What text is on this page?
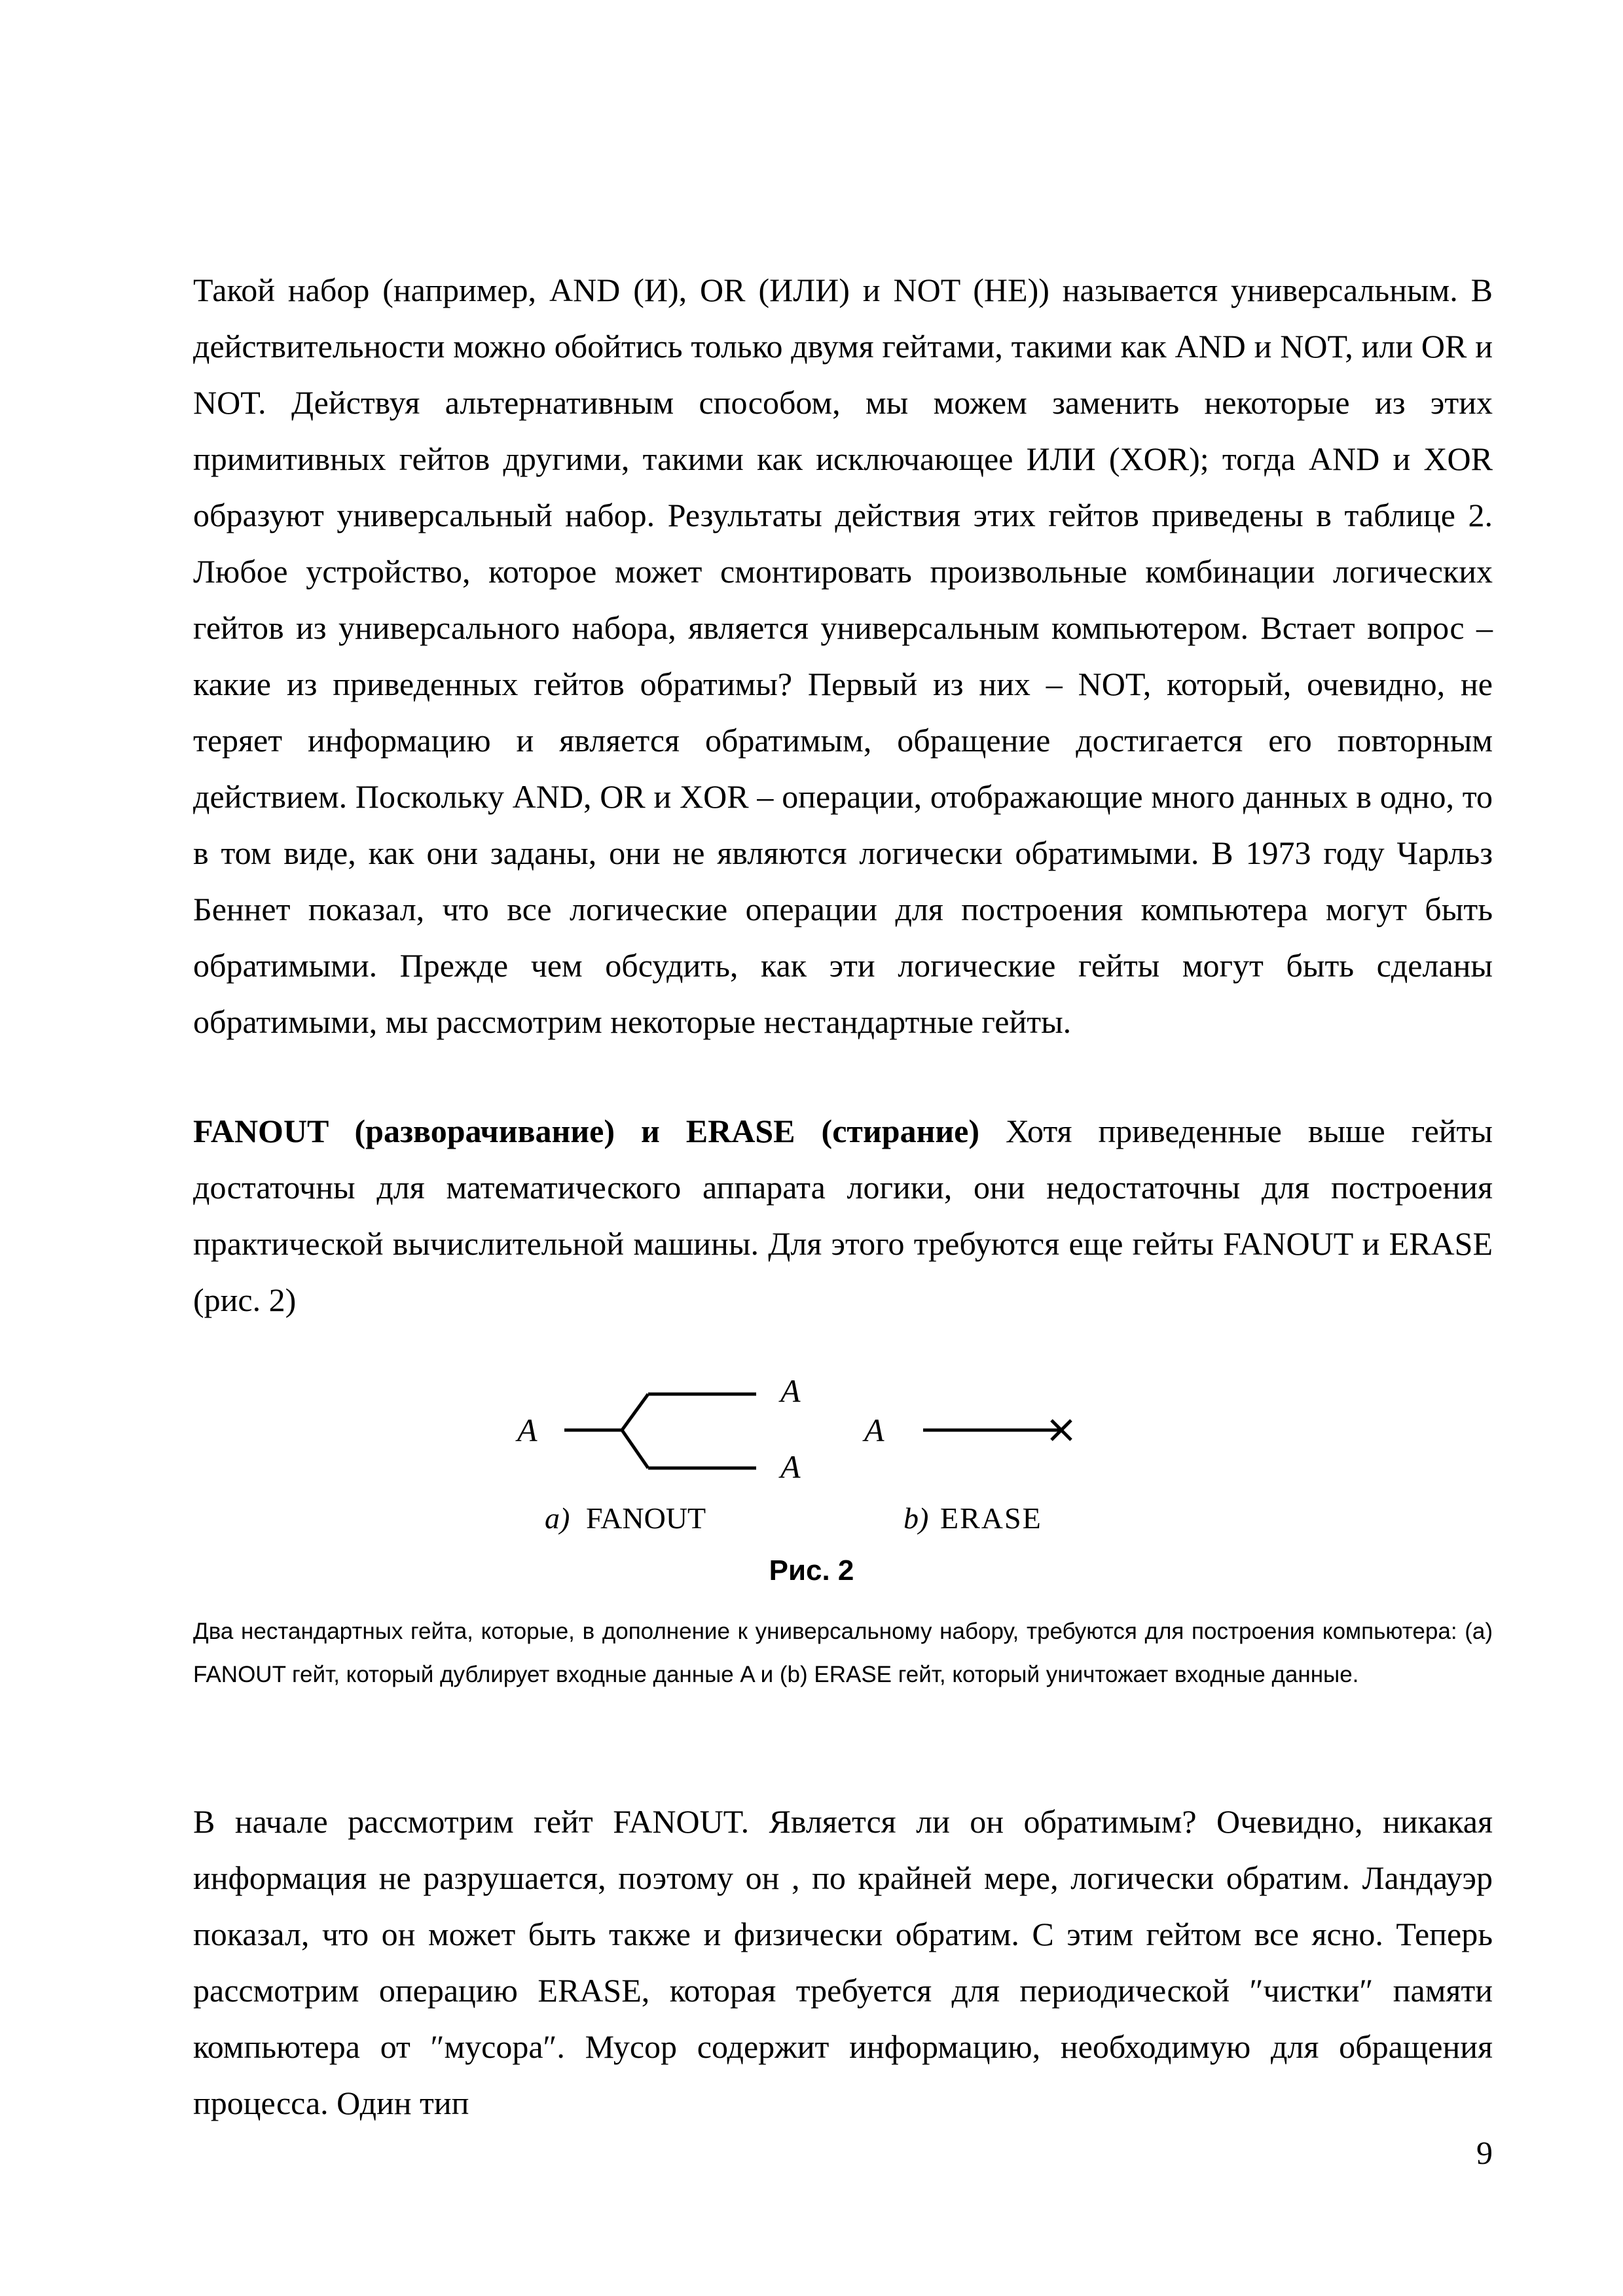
Такой набор (например, AND (И), OR (ИЛИ) и NOT (НЕ)) называется универсальным. В действительности можно обойтись только двумя гейтами, такими как AND и NOT, или OR и NOT. Действуя альтернативным способом, мы можем заменить некоторые из этих примитивных гейтов другими, такими как исключающее ИЛИ (XOR); тогда AND и XOR образуют универсальный набор. Результаты действия этих гейтов приведены в таблице 2. Любое устройство, которое может смонтировать произвольные комбинации логических гейтов из универсального набора, является универсальным компьютером. Встает вопрос – какие из приведенных гейтов обратимы? Первый из них – NOT, который, очевидно, не теряет информацию и является обратимым, обращение достигается его повторным действием. Поскольку AND, OR и XOR – операции, отображающие много данных в одно, то в том виде, как они заданы, они не являются логически обратимыми. В 1973 году Чарльз Беннет показал, что все логические операции для построения компьютера могут быть обратимыми. Прежде чем обсудить, как эти логические гейты могут быть сделаны обратимыми, мы рассмотрим некоторые нестандартные гейты.

FANOUT (разворачивание) и ERASE (стирание) Хотя приведенные выше гейты достаточны для математического аппарата логики, они недостаточны для построения практической вычислительной машины. Для этого требуются еще гейты FANOUT и ERASE (рис. 2)

A
A
A
a) FANOUT
A
b) ERASE

Рис. 2

Два нестандартных гейта, которые, в дополнение к универсальному набору, требуются для построения компьютера: (а) FANOUT гейт, который дублирует входные данные A и (b) ERASE гейт, который уничтожает входные данные.

В начале рассмотрим гейт FANOUT. Является ли он обратимым? Очевидно, никакая информация не разрушается, поэтому он , по крайней мере, логически обратим. Ландауэр показал, что он может быть также и физически обратим. С этим гейтом все ясно. Теперь рассмотрим операцию ERASE, которая требуется для периодической ″чистки″ памяти компьютера от ″мусора″. Мусор содержит информацию, необходимую для обращения процесса. Один тип

9
